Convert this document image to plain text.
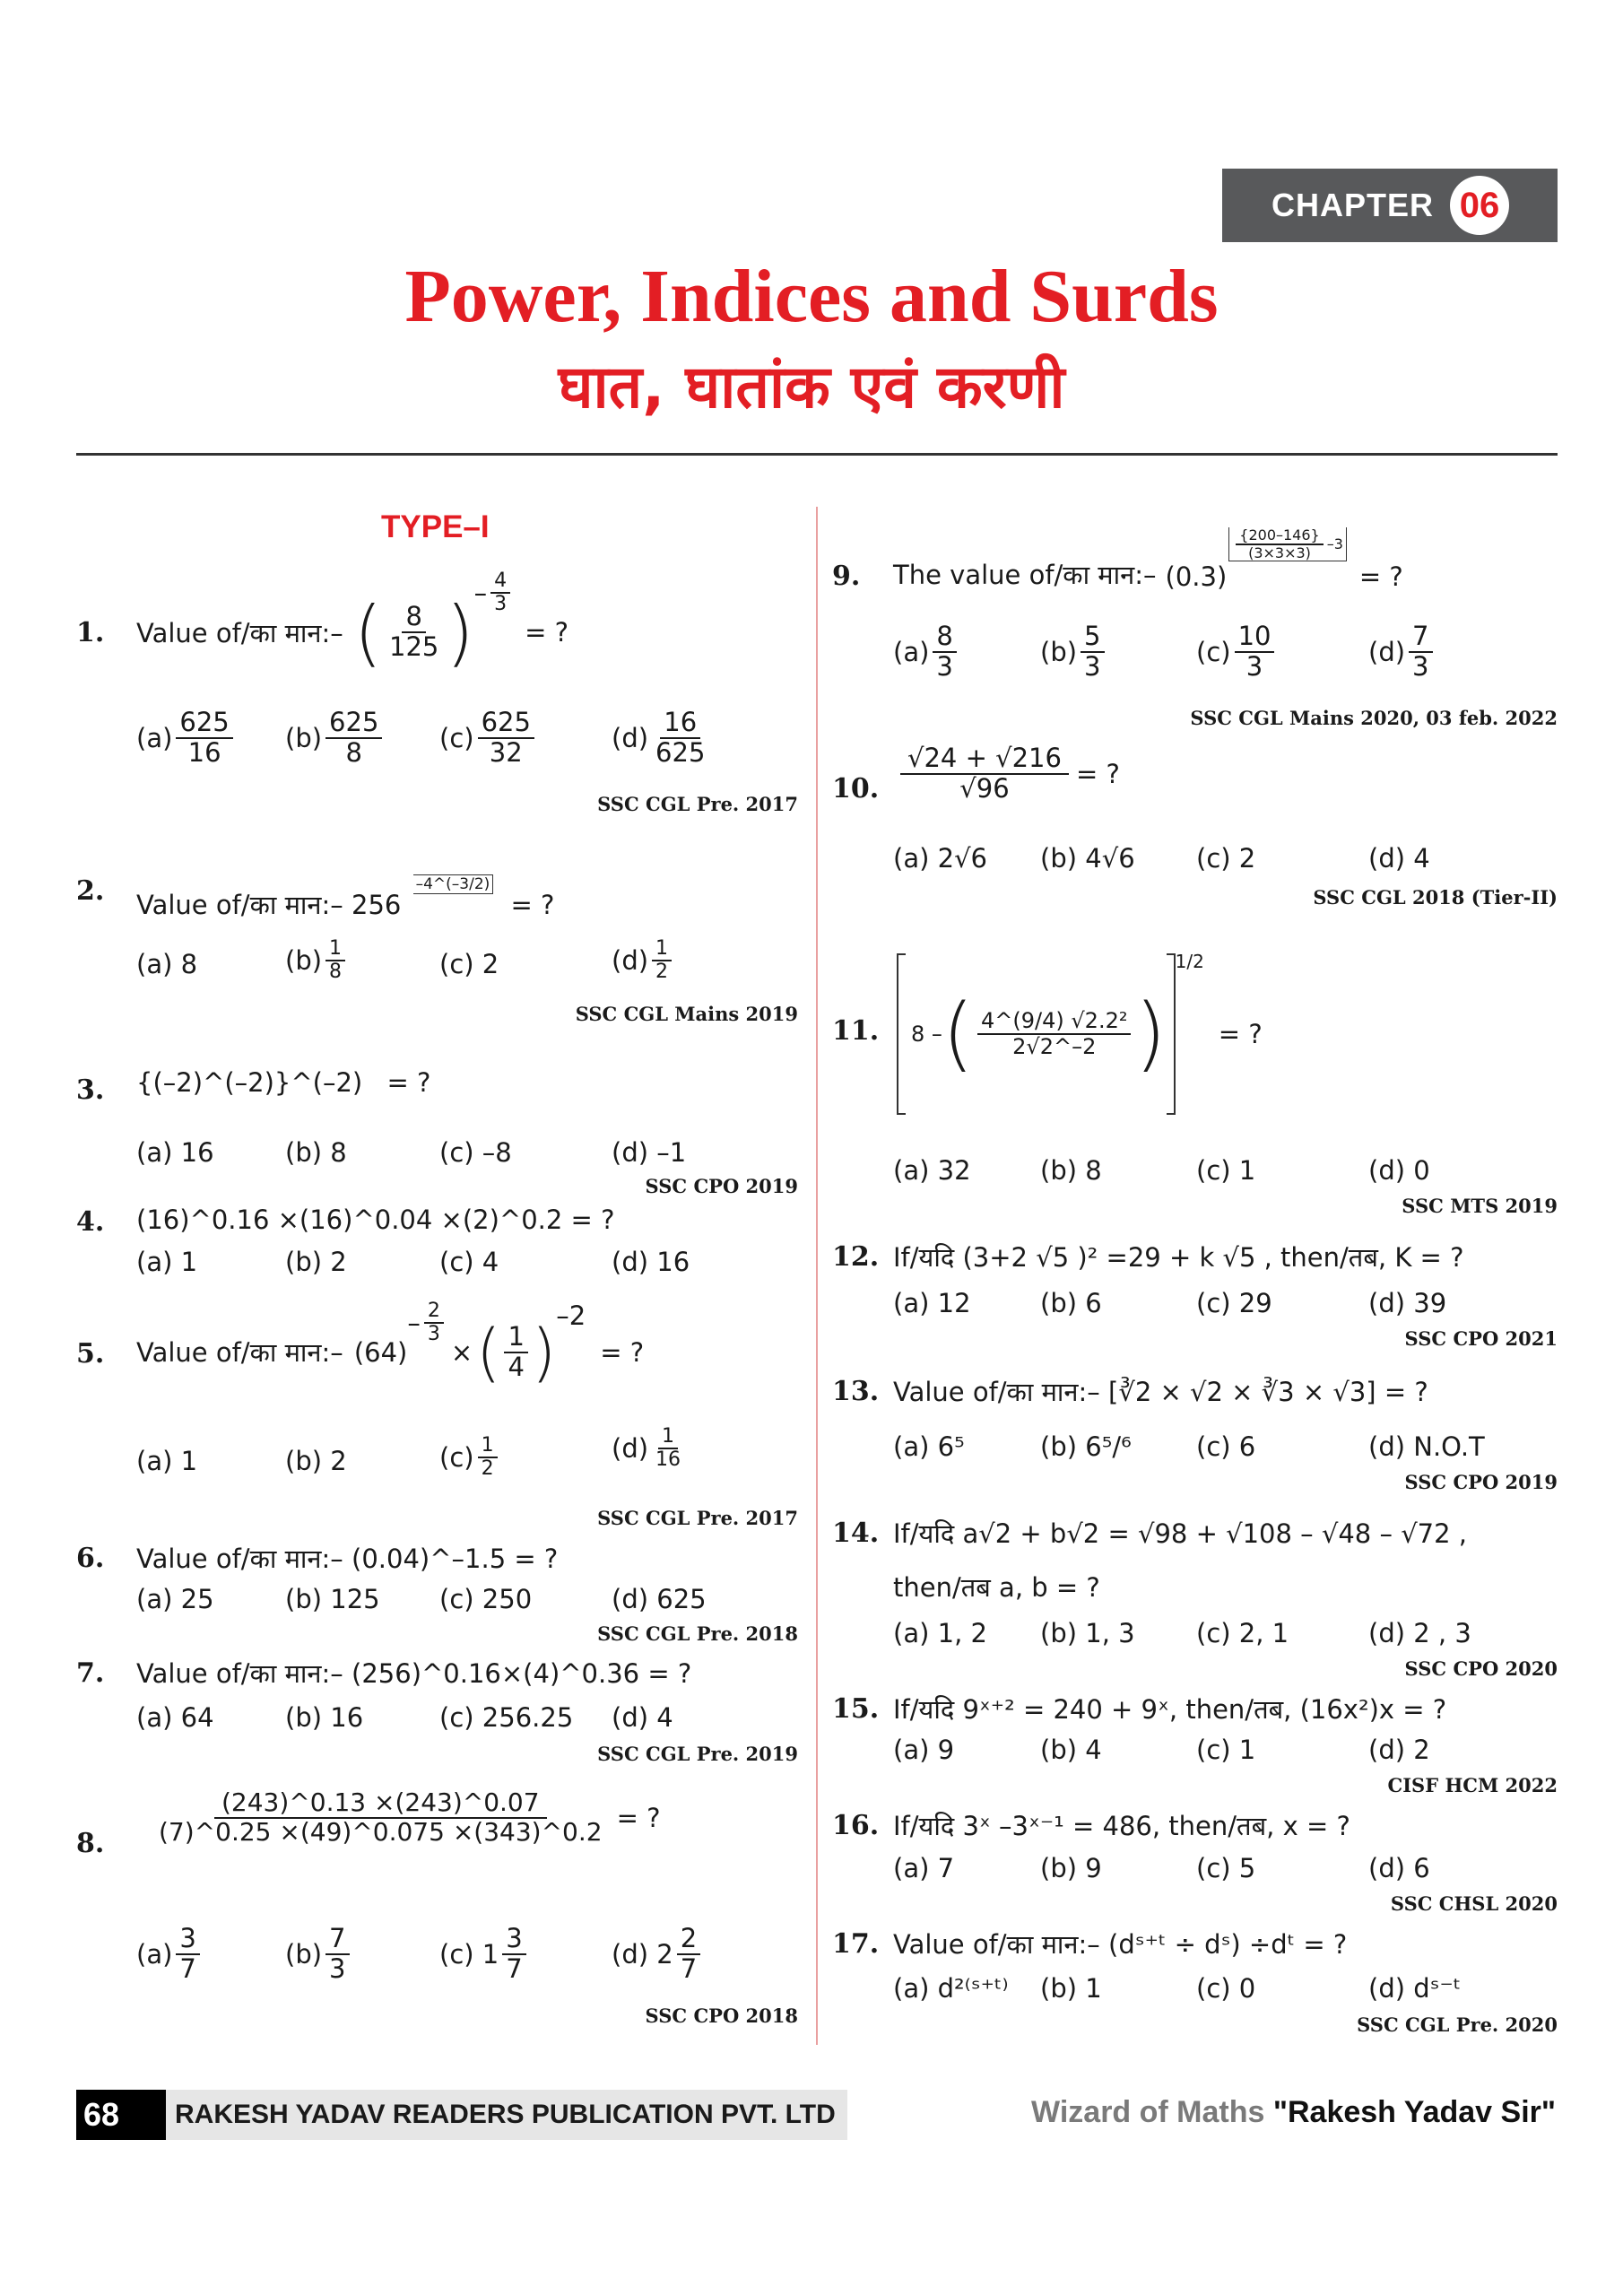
CHAPTER 06
Power, Indices and Surds
घात, घातांक एवं करणी
TYPE–I
1. Value of/का मान:– ( $\frac{8}{125}$ ) – $\frac{4}{3}$
= ?
$(a) \frac{625}{16} (b) \frac{625}{8} (c) \frac{625}{32}$	$(d) \frac{16}{625}$
SSC CGL Pre. 2017
2. Value of/का मान:– 256 –4^(–3/2) = ?
(a)
8	$(b) \frac{1}{8}$	(c)
2	$(d) \frac{1}{2}$
SSC CGL Mains 2019
3. {(–2)^(–2)}^(–2) = ?
(a)
16	(b)
8	(c)
–8	(d)
–1
SSC CPO 2019
4. (16)^0.16 ×(16)^0.04 ×(2)^0.2 = ?
(a)
1	(b)
2	(c)
4	(d)
16
5. Value of/का मान:– (64)
– $\frac{2}{3}$
× ( $\frac{1}{4}$ ) –2
= ?
(a)
1	(b)
2	$(c) \frac{1}{2}$	$(d) \frac{1}{16}$
SSC CGL Pre. 2017
6. Value of/का मान:– (0.04)^–1.5 = ?
(a)
25	(b)
125 (c)
250	(d)
625
SSC CGL Pre. 2018
7. Value of/का मान:– (256)^0.16×(4)^0.36 = ?
(a)
64	(b)
16	(c)
256.25 (d)
4
SSC CGL Pre. 2019
8. $\frac{(243)\^{}0.13 \times(243)\^{}0.07}{(7)\^{}0.25 \times(49)\^{}0.075 \times(343)\^{}0.2}$ = ?
$(a) \frac{3}{7}$	$(b) \frac{7}{3}$	(c)
$1 \frac{3}{7}$	(d)
$2 \frac{2}{7}$
SSC CPO 2018
9. The value of/का मान:– (0.3)
$\frac{\{200-146\}}{(3\times 3\times 3)} -3$
= ?
$(a) \frac{8}{3}$	$(b) \frac{5}{3}$	$(c) \frac{10}{3}$	$(d) \frac{7}{3}$
SSC CGL Mains 2020, 03 feb. 2022
10. $\frac{√24 + √216}{√96}$ = ?
(a)
2√6 (b)
4√6 (c)
2	(d)
4
SSC CGL 2018 (Tier-II)
11. 8 – ( $\frac{\text{4\textasciicircum{}(9/4) √2.2²}}{2√2\^{}-2}$ )
1/2
= ?
(a)
32	(b)
8	(c)
1	(d)
0
SSC MTS 2019
12. If/यदि (3+2 √5 )² =29 + k √5 , then/तब, K = ?
(a)
12	(b)
6	(c)
29	(d)
39
SSC CPO 2021
13. Value of/का मान:– [∛2 × √2 × ∛3 × √3] = ?
(a)
6⁵	(b)
6⁵/⁶ (c)
6	(d)
N.O.T
SSC CPO 2019
14. If/यदि a√2 + b√2 = √98 + √108 – √48 – √72 ,
then/तब a, b = ?
(a)
1, 2 (b)
1, 3 (c)
2, 1	(d)
2 , 3
SSC CPO 2020
15. If/यदि 9ˣ⁺² = 240 + 9ˣ, then/तब, (16x²)x = ?
(a)
9	(b)
4	(c)
1	(d)
2
CISF HCM 2022
16. If/यदि 3ˣ –3ˣ⁻¹ = 486, then/तब, x = ?
(a)
7	(b)
9	(c)
5	(d)
6
SSC CHSL 2020
17. Value of/का मान:– (dˢ⁺ᵗ ÷ dˢ) ÷dᵗ = ?
(a)
d²⁽ˢ⁺ᵗ⁾ (b)
1	(c)
0	(d)
dˢ⁻ᵗ
SSC CGL Pre. 2020
68	RAKESH YADAV READERS PUBLICATION PVT. LTD	Wizard of Maths "Rakesh Yadav Sir"
